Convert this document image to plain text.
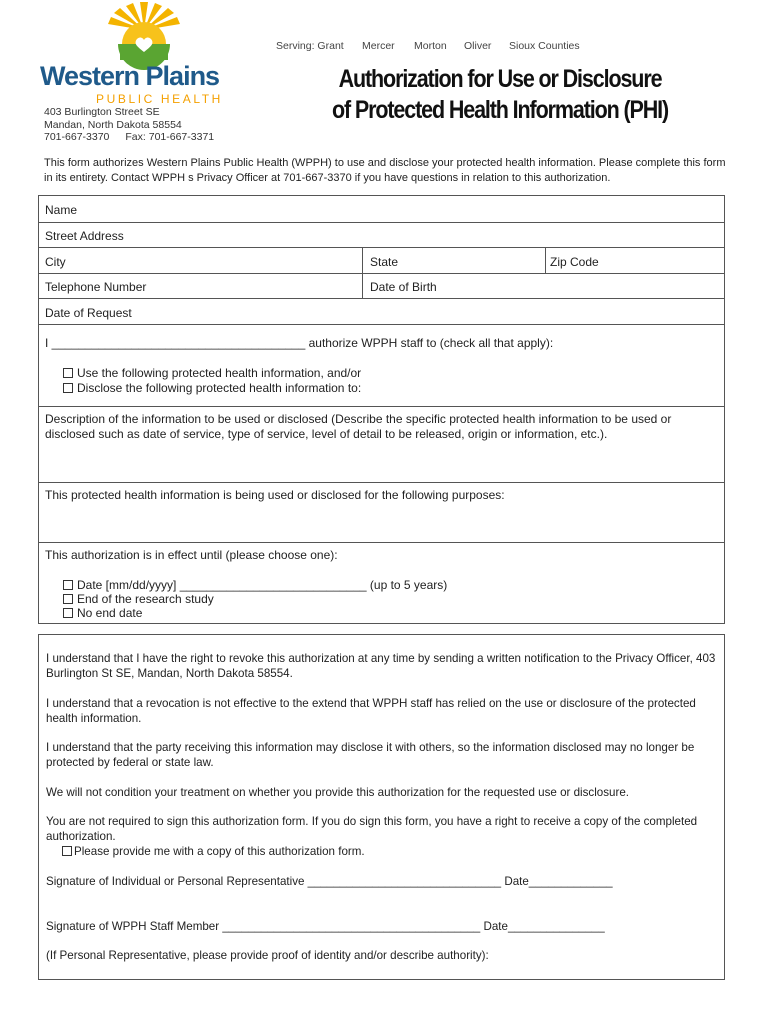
Western Plains
PUBLIC HEALTH
Serving: Grant Mercer Morton Oliver Sioux Counties
403 Burlington Street SE
Mandan, North Dakota 58554
701-667-3370 Fax: 701-667-3371
Authorization for Use or Disclosure
of Protected Health Information (PHI)
This form authorizes Western Plains Public Health (WPPH) to use and disclose your protected health information. Please complete this form in its entirety. Contact WPPH s Privacy Officer at 701-667-3370 if you have questions in relation to this authorization.
Name
Street Address
City	State	Zip Code
Telephone Number	Date of Birth
Date of Request
I ______________________________________ authorize WPPH staff to (check all that apply):
Use the following protected health information, and/or
Disclose the following protected health information to:
Description of the information to be used or disclosed (Describe the specific protected health information to be used or disclosed such as date of service, type of service, level of detail to be released, origin or information, etc.).
This protected health information is being used or disclosed for the following purposes:
This authorization is in effect until (please choose one):
Date [mm/dd/yyyy] ____________________________ (up to 5 years)
End of the research study
No end date
I understand that I have the right to revoke this authorization at any time by sending a written notification to the Privacy Officer, 403 Burlington St SE, Mandan, North Dakota 58554.
I understand that a revocation is not effective to the extend that WPPH staff has relied on the use or disclosure of the protected health information.
I understand that the party receiving this information may disclose it with others, so the information disclosed may no longer be protected by federal or state law.
We will not condition your treatment on whether you provide this authorization for the requested use or disclosure.
You are not required to sign this authorization form. If you do sign this form, you have a right to receive a copy of the completed authorization.
Please provide me with a copy of this authorization form.
Signature of Individual or Personal Representative ______________________________ Date_____________
Signature of WPPH Staff Member ________________________________________ Date_______________
(If Personal Representative, please provide proof of identity and/or describe authority):
